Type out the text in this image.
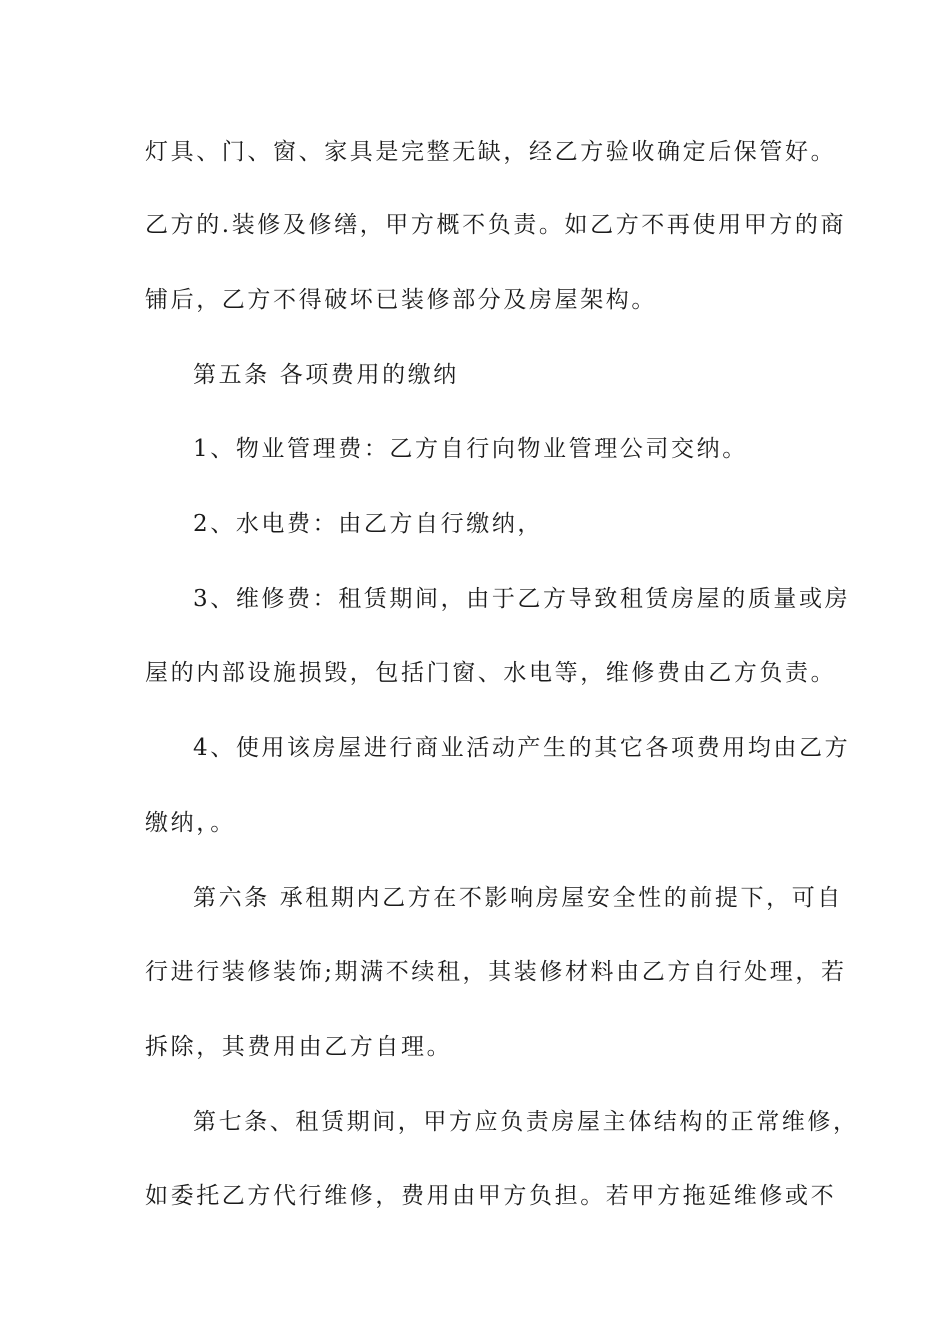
灯具、门、窗、家具是完整无缺，经乙方验收确定后保管好。
乙方的.装修及修缮，甲方概不负责。如乙方不再使用甲方的商
铺后，乙方不得破坏已装修部分及房屋架构。
第五条 各项费用的缴纳
1、物业管理费：乙方自行向物业管理公司交纳。
2、水电费：由乙方自行缴纳，
3、维修费：租赁期间，由于乙方导致租赁房屋的质量或房
屋的内部设施损毁，包括门窗、水电等，维修费由乙方负责。
4、使用该房屋进行商业活动产生的其它各项费用均由乙方
缴纳，。
第六条 承租期内乙方在不影响房屋安全性的前提下，可自
行进行装修装饰;期满不续租，其装修材料由乙方自行处理，若
拆除，其费用由乙方自理。
第七条、租赁期间，甲方应负责房屋主体结构的正常维修，
如委托乙方代行维修，费用由甲方负担。若甲方拖延维修或不
